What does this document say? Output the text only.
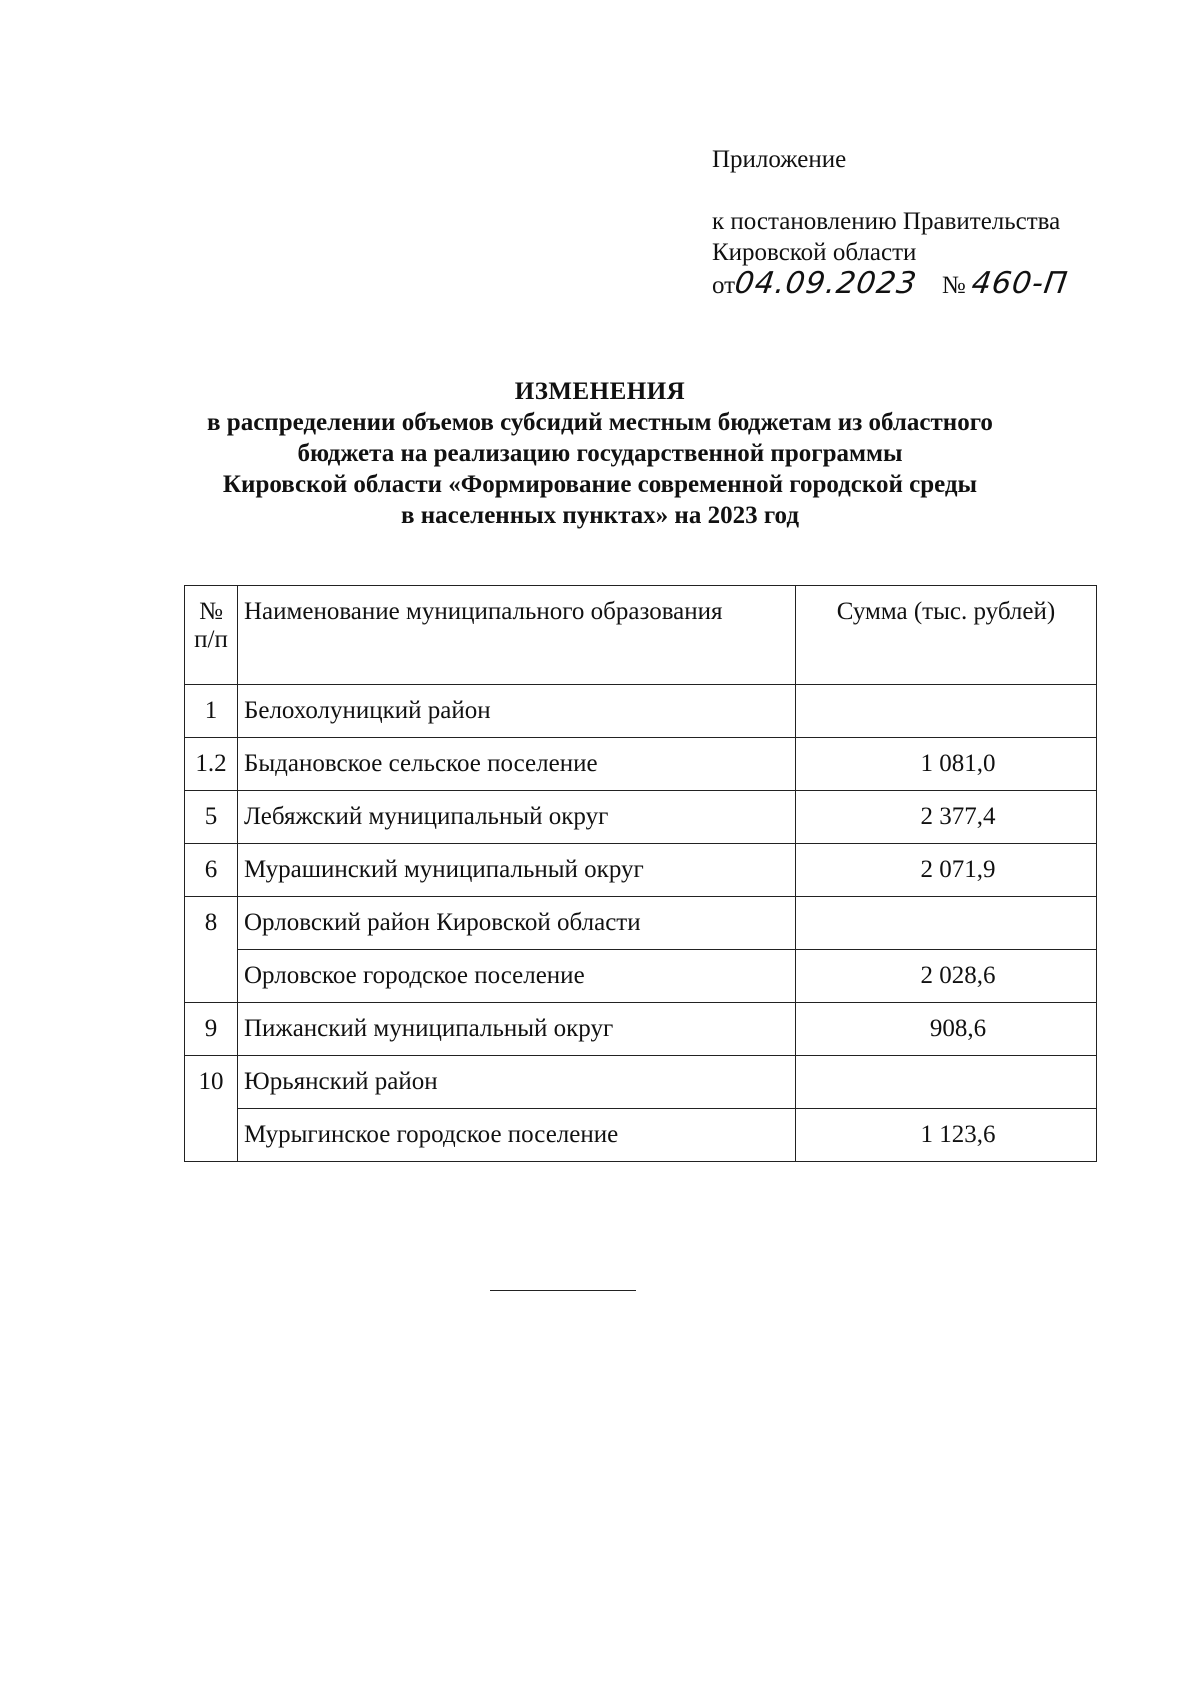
Приложение
к постановлению Правительства
Кировской области
от04.09.2023 № 460-П
ИЗМЕНЕНИЯ
в распределении объемов субсидий местным бюджетам из областного
бюджета на реализацию государственной программы
Кировской области «Формирование современной городской среды
в населенных пунктах» на 2023 год
№
п/п	Наименование муниципального образования	Сумма (тыс. рублей)
1	Белохолуницкий район	
1.2	Быдановское сельское поселение	1 081,0
5	Лебяжский муниципальный округ	2 377,4
6	Мурашинский муниципальный округ	2 071,9
8	Орловский район Кировской области	
	Орловское городское поселение	2 028,6
9	Пижанский муниципальный округ	908,6
10	Юрьянский район	
	Мурыгинское городское поселение	1 123,6
